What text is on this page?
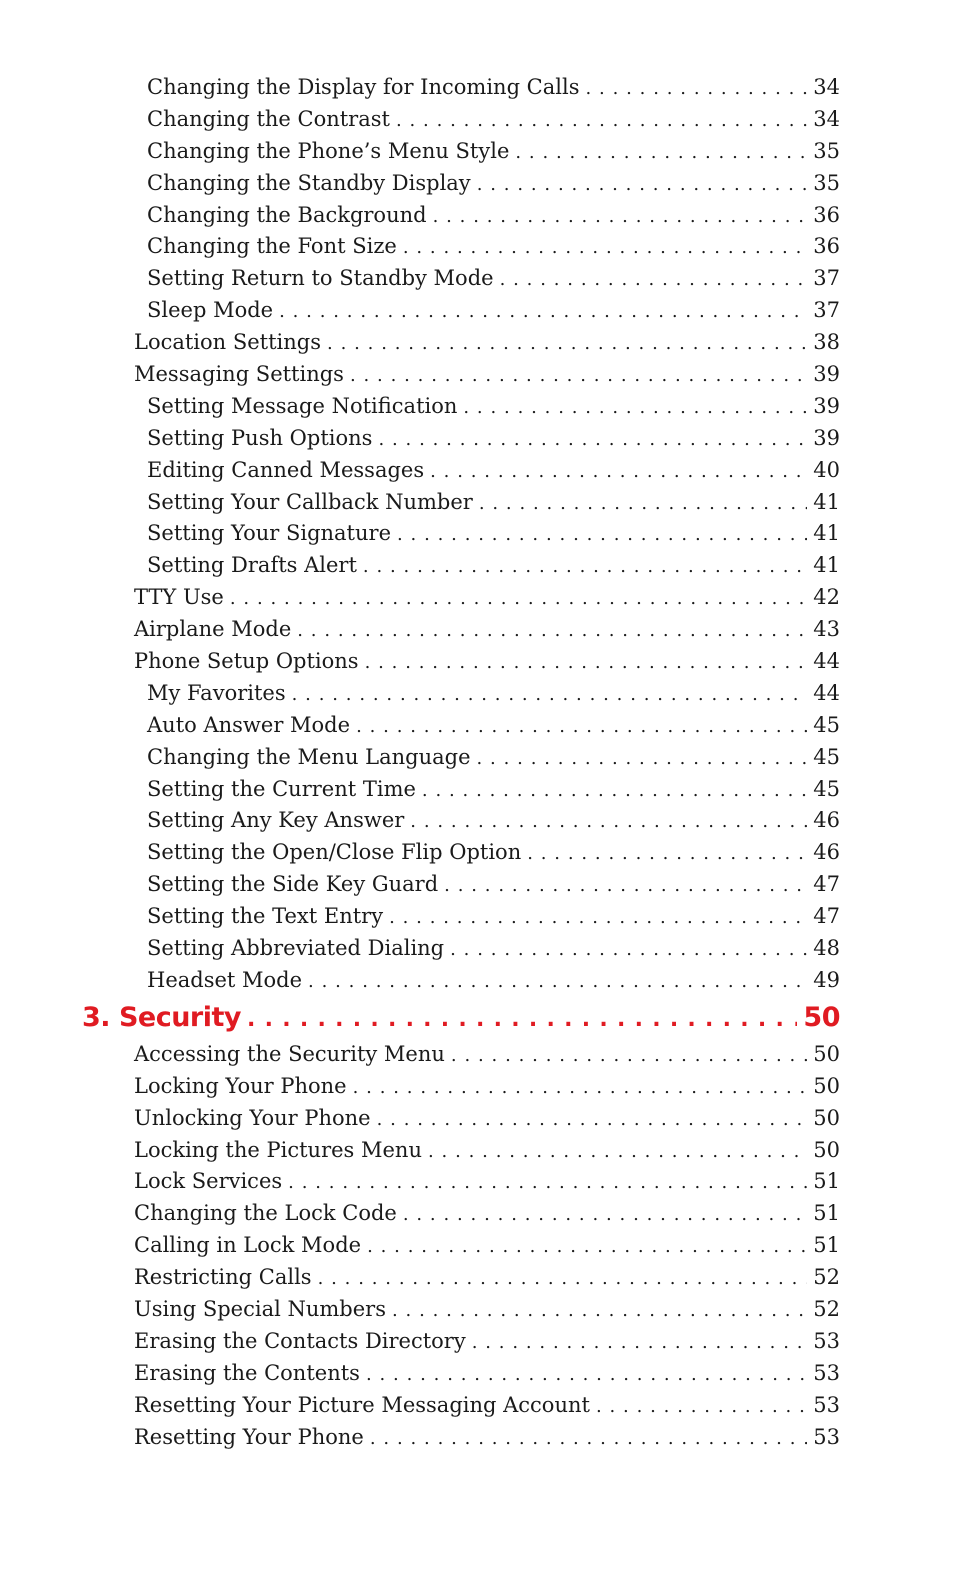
Changing the Display for Incoming Calls . . .	34
Changing the Contrast . . .	34
Changing the Phone’s Menu Style . . .	35
Changing the Standby Display . . .	35
Changing the Background . . .	36
Changing the Font Size . . .	36
Setting Return to Standby Mode . . .	37
Sleep Mode . . .	37
Location Settings . . .	38
Messaging Settings . . .	39
Setting Message Notification . . .	39
Setting Push Options . . .	39
Editing Canned Messages . . .	40
Setting Your Callback Number . . .	41
Setting Your Signature . . .	41
Setting Drafts Alert . . .	41
TTY Use . . .	42
Airplane Mode . . .	43
Phone Setup Options . . .	44
My Favorites . . .	44
Auto Answer Mode . . .	45
Changing the Menu Language . . .	45
Setting the Current Time . . .	45
Setting Any Key Answer . . .	46
Setting the Open/Close Flip Option . . .	46
Setting the Side Key Guard . . .	47
Setting the Text Entry . . .	47
Setting Abbreviated Dialing . . .	48
Headset Mode . . .	49
3. Security . . .	50
Accessing the Security Menu . . .	50
Locking Your Phone . . .	50
Unlocking Your Phone . . .	50
Locking the Pictures Menu . . .	50
Lock Services . . .	51
Changing the Lock Code . . .	51
Calling in Lock Mode . . .	51
Restricting Calls . . .	52
Using Special Numbers . . .	52
Erasing the Contacts Directory . . .	53
Erasing the Contents . . .	53
Resetting Your Picture Messaging Account . . .	53
Resetting Your Phone . . .	53
